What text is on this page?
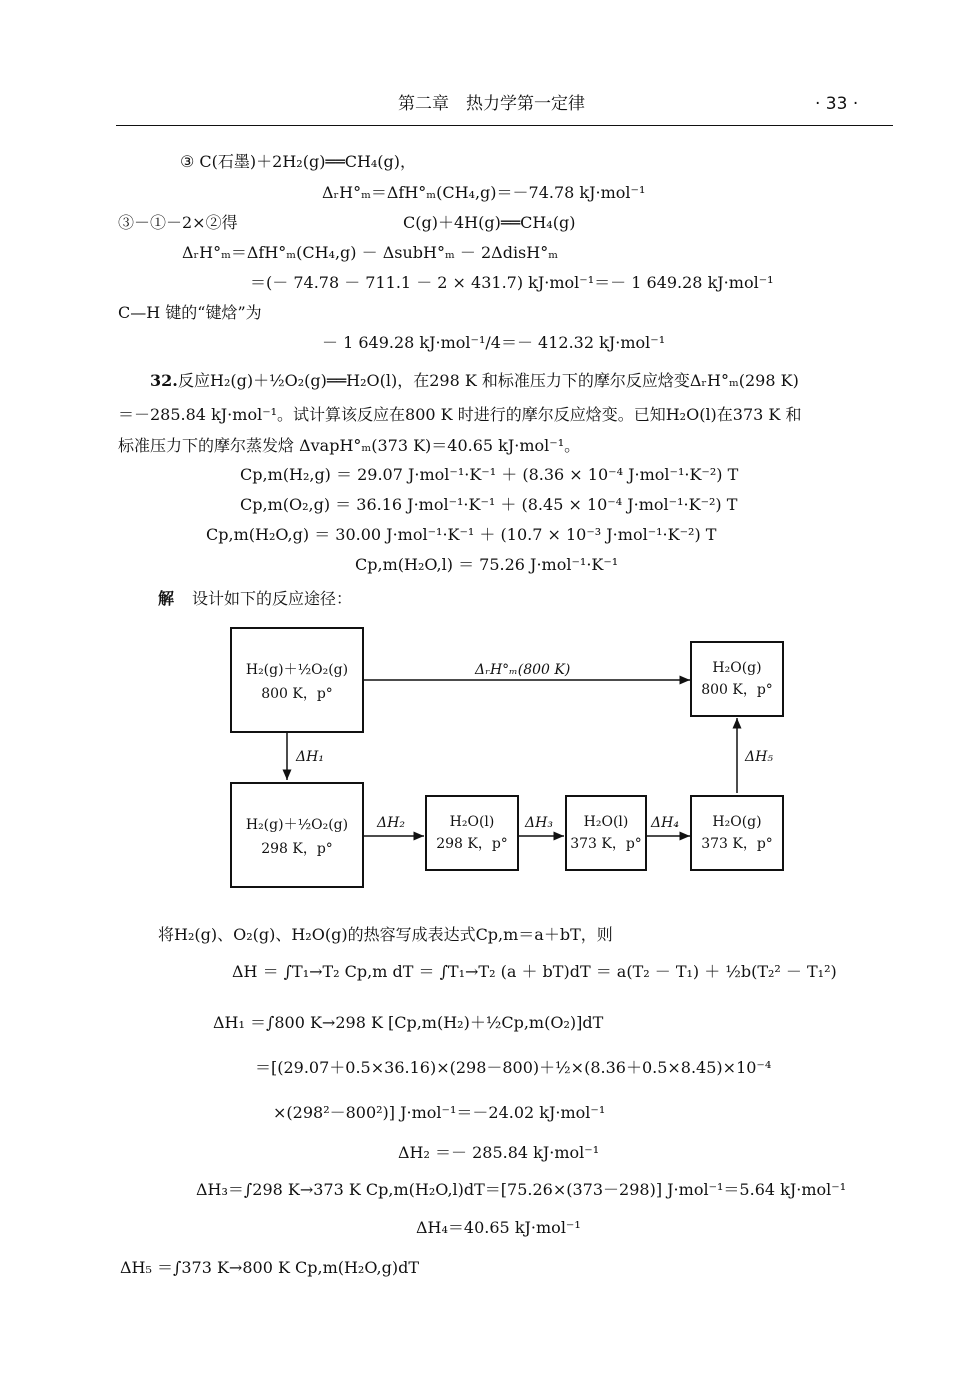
第二章　热力学第一定律	· 33 ·
③ C(石墨)＋2H₂(g)══CH₄(g)，
ΔᵣH°ₘ＝ΔfH°ₘ(CH₄,g)＝－74.78 kJ·mol⁻¹
③－①－2×②得	C(g)＋4H(g)══CH₄(g)
ΔᵣH°ₘ＝ΔfH°ₘ(CH₄,g) － ΔsubH°ₘ － 2ΔdisH°ₘ
＝(－ 74.78 － 711.1 － 2 × 431.7) kJ·mol⁻¹＝－ 1 649.28 kJ·mol⁻¹
C—H 键的“键焓”为
－ 1 649.28 kJ·mol⁻¹/4＝－ 412.32 kJ·mol⁻¹
32. 反应H₂(g)＋½O₂(g)══H₂O(l)，在298 K 和标准压力下的摩尔反应焓变ΔᵣH°ₘ(298 K)
＝－285.84 kJ·mol⁻¹。试计算该反应在800 K 时进行的摩尔反应焓变。已知H₂O(l)在373 K 和
标准压力下的摩尔蒸发焓 ΔvapH°ₘ(373 K)＝40.65 kJ·mol⁻¹。
Cp,m(H₂,g) ＝ 29.07 J·mol⁻¹·K⁻¹ ＋ (8.36 × 10⁻⁴ J·mol⁻¹·K⁻²) T
Cp,m(O₂,g) ＝ 36.16 J·mol⁻¹·K⁻¹ ＋ (8.45 × 10⁻⁴ J·mol⁻¹·K⁻²) T
Cp,m(H₂O,g) ＝ 30.00 J·mol⁻¹·K⁻¹ ＋ (10.7 × 10⁻³ J·mol⁻¹·K⁻²) T
Cp,m(H₂O,l) ＝ 75.26 J·mol⁻¹·K⁻¹
解 设计如下的反应途径：
H₂(g)＋½O₂(g)
800 K，p°
H₂O(g)
800 K，p°
H₂(g)＋½O₂(g)
298 K，p°
H₂O(l)
298 K，p°
H₂O(l)
373 K，p°
H₂O(g)
373 K，p°
ΔᵣH°ₘ(800 K)
ΔH₁
ΔH₂	ΔH₃	ΔH₄
ΔH₅
将H₂(g)、O₂(g)、H₂O(g)的热容写成表达式Cp,m＝a＋bT，则
ΔH ＝ ∫T₁→T₂ Cp,m dT ＝ ∫T₁→T₂ (a ＋ bT)dT ＝ a(T₂ － T₁) ＋ ½b(T₂² － T₁²)
ΔH₁ ＝∫800 K→298 K [Cp,m(H₂)＋½Cp,m(O₂)]dT
＝[(29.07＋0.5×36.16)×(298－800)＋½×(8.36＋0.5×8.45)×10⁻⁴
×(298²－800²)] J·mol⁻¹＝－24.02 kJ·mol⁻¹
ΔH₂ ＝－ 285.84 kJ·mol⁻¹
ΔH₃＝∫298 K→373 K Cp,m(H₂O,l)dT＝[75.26×(373－298)] J·mol⁻¹＝5.64 kJ·mol⁻¹
ΔH₄＝40.65 kJ·mol⁻¹
ΔH₅ ＝∫373 K→800 K Cp,m(H₂O,g)dT
